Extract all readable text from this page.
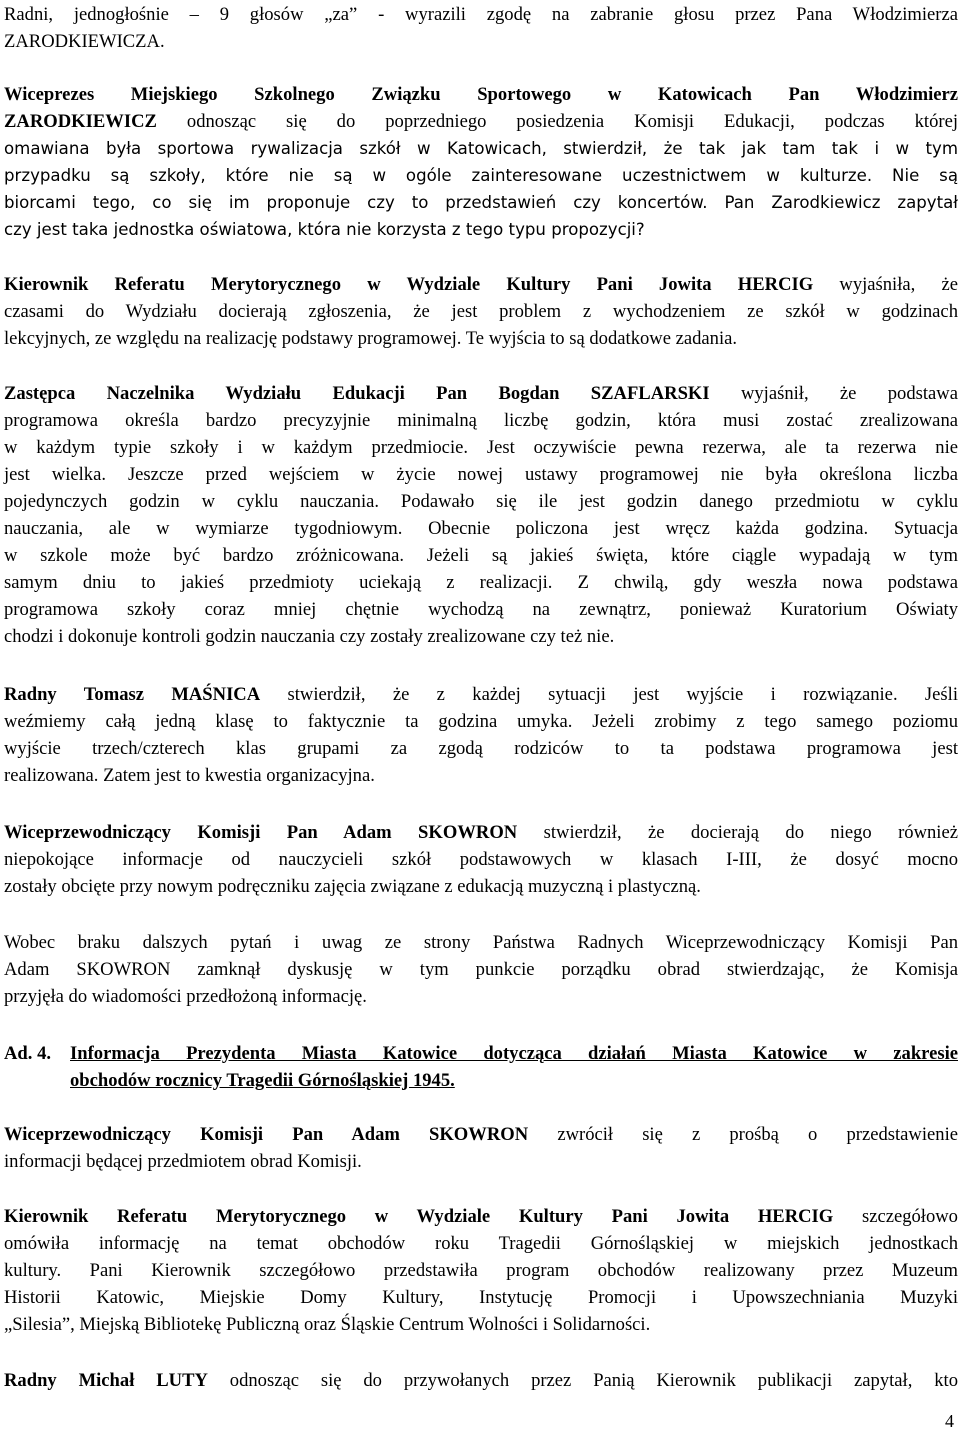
Radni, jednogłośnie – 9 głosów „za” - wyrazili zgodę na zabranie głosu przez Pana Włodzimierza
ZARODKIEWICZA.

Wiceprezes Miejskiego Szkolnego Związku Sportowego w Katowicach Pan Włodzimierz
ZARODKIEWICZ odnosząc się do poprzedniego posiedzenia Komisji Edukacji, podczas której
omawiana była sportowa rywalizacja szkół w Katowicach, stwierdził, że tak jak tam tak i w tym
przypadku są szkoły, które nie są w ogóle zainteresowane uczestnictwem w kulturze. Nie są
biorcami tego, co się im proponuje czy to przedstawień czy koncertów. Pan Zarodkiewicz zapytał
czy jest taka jednostka oświatowa, która nie korzysta z tego typu propozycji?

Kierownik Referatu Merytorycznego w Wydziale Kultury Pani Jowita HERCIG wyjaśniła, że
czasami do Wydziału docierają zgłoszenia, że jest problem z wychodzeniem ze szkół w godzinach
lekcyjnych, ze względu na realizację podstawy programowej. Te wyjścia to są dodatkowe zadania.

Zastępca Naczelnika Wydziału Edukacji Pan Bogdan SZAFLARSKI wyjaśnił, że podstawa
programowa określa bardzo precyzyjnie minimalną liczbę godzin, która musi zostać zrealizowana
w każdym typie szkoły i w każdym przedmiocie. Jest oczywiście pewna rezerwa, ale ta rezerwa nie
jest wielka. Jeszcze przed wejściem w życie nowej ustawy programowej nie była określona liczba
pojedynczych godzin w cyklu nauczania. Podawało się ile jest godzin danego przedmiotu w cyklu
nauczania, ale w wymiarze tygodniowym. Obecnie policzona jest wręcz każda godzina. Sytuacja
w szkole może być bardzo zróżnicowana. Jeżeli są jakieś święta, które ciągle wypadają w tym
samym dniu to jakieś przedmioty uciekają z realizacji. Z chwilą, gdy weszła nowa podstawa
programowa szkoły coraz mniej chętnie wychodzą na zewnątrz, ponieważ Kuratorium Oświaty
chodzi i dokonuje kontroli godzin nauczania czy zostały zrealizowane czy też nie.

Radny Tomasz MAŚNICA stwierdził, że z każdej sytuacji jest wyjście i rozwiązanie. Jeśli
weźmiemy całą jedną klasę to faktycznie ta godzina umyka. Jeżeli zrobimy z tego samego poziomu
wyjście trzech/czterech klas grupami za zgodą rodziców to ta podstawa programowa jest
realizowana. Zatem jest to kwestia organizacyjna.

Wiceprzewodniczący Komisji Pan Adam SKOWRON stwierdził, że docierają do niego również
niepokojące informacje od nauczycieli szkół podstawowych w klasach I-III, że dosyć mocno
zostały obcięte przy nowym podręczniku zajęcia związane z edukacją muzyczną i plastyczną.

Wobec braku dalszych pytań i uwag ze strony Państwa Radnych Wiceprzewodniczący Komisji Pan
Adam SKOWRON zamknął dyskusję w tym punkcie porządku obrad stwierdzając, że Komisja
przyjęła do wiadomości przedłożoną informację.

Ad. 4.	Informacja Prezydenta Miasta Katowice dotycząca działań Miasta Katowice w zakresie
obchodów rocznicy Tragedii Górnośląskiej 1945.

Wiceprzewodniczący Komisji Pan Adam SKOWRON zwrócił się z prośbą o przedstawienie
informacji będącej przedmiotem obrad Komisji.

Kierownik Referatu Merytorycznego w Wydziale Kultury Pani Jowita HERCIG szczegółowo
omówiła informację na temat obchodów roku Tragedii Górnośląskiej w miejskich jednostkach
kultury. Pani Kierownik szczegółowo przedstawiła program obchodów realizowany przez Muzeum
Historii Katowic, Miejskie Domy Kultury, Instytucję Promocji i Upowszechniania Muzyki
„Silesia”, Miejską Bibliotekę Publiczną oraz Śląskie Centrum Wolności i Solidarności.

Radny Michał LUTY odnosząc się do przywołanych przez Panią Kierownik publikacji zapytał, kto

4
